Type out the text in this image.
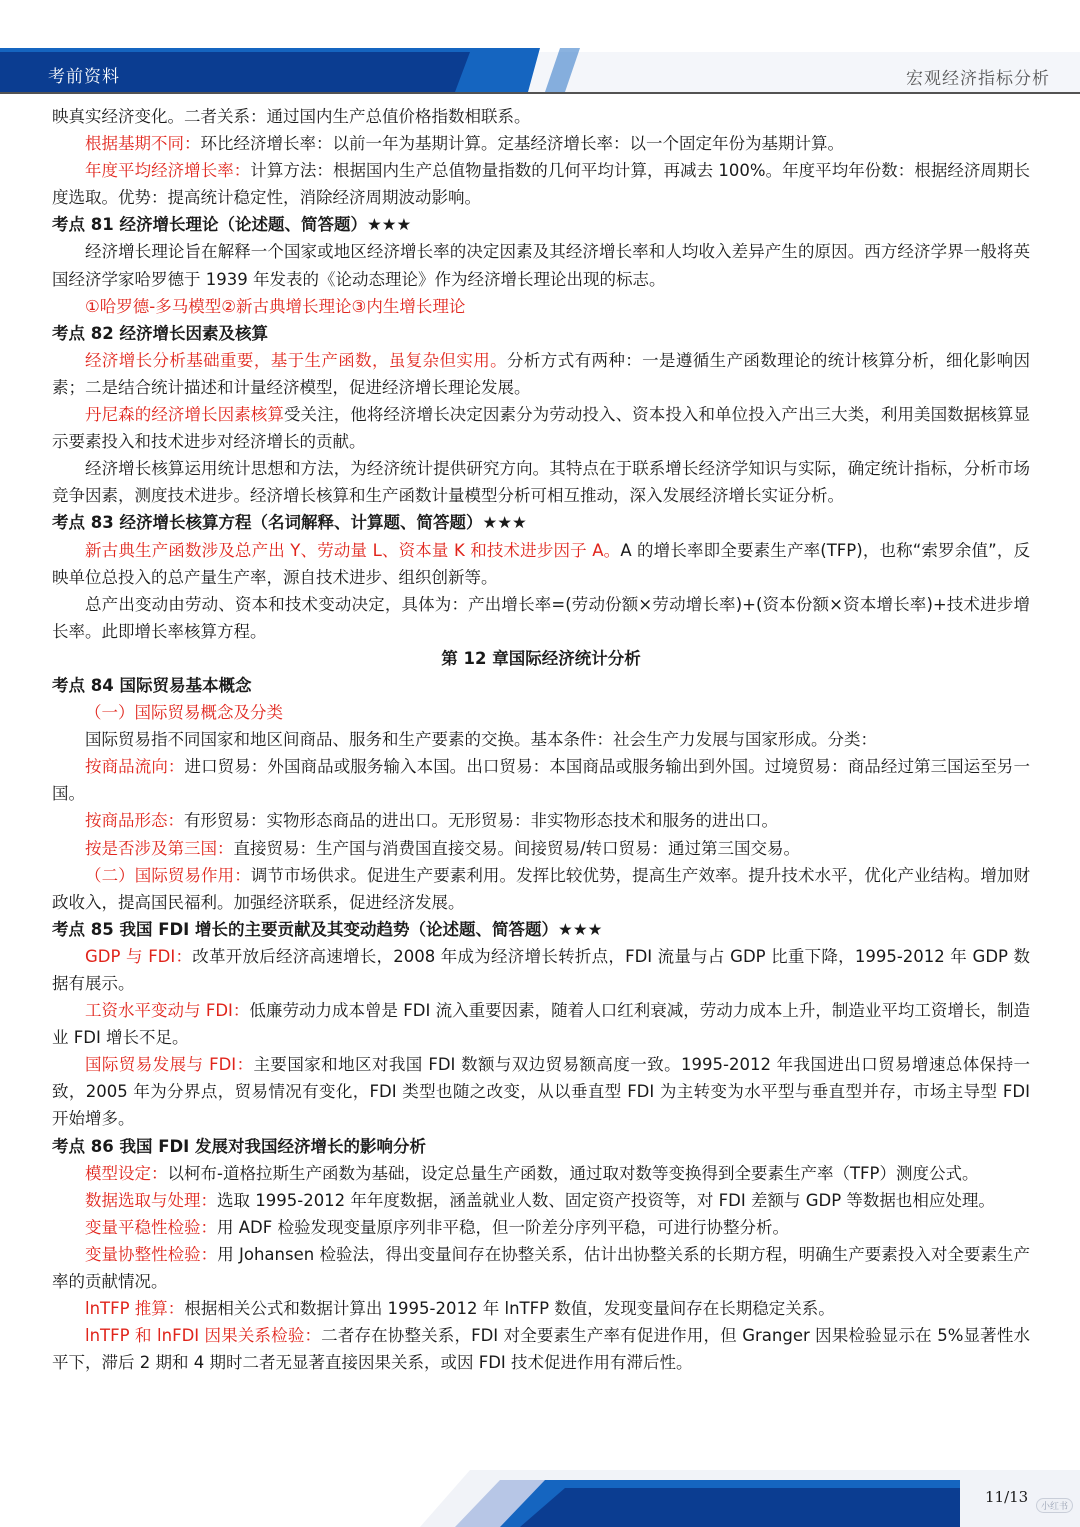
考前资料	宏观经济指标分析

映真实经济变化。二者关系：通过国内生产总值价格指数相联系。

根据基期不同：环比经济增长率：以前一年为基期计算。定基经济增长率：以一个固定年份为基期计算。

年度平均经济增长率：计算方法：根据国内生产总值物量指数的几何平均计算，再减去 100%。年度平均年份数：根据经济周期长度选取。优势：提高统计稳定性，消除经济周期波动影响。

考点 81 经济增长理论（论述题、简答题）★★★

经济增长理论旨在解释一个国家或地区经济增长率的决定因素及其经济增长率和人均收入差异产生的原因。西方经济学界一般将英国经济学家哈罗德于 1939 年发表的《论动态理论》作为经济增长理论出现的标志。

①哈罗德-多马模型②新古典增长理论③内生增长理论

考点 82 经济增长因素及核算

经济增长分析基础重要，基于生产函数，虽复杂但实用。分析方式有两种：一是遵循生产函数理论的统计核算分析，细化影响因素；二是结合统计描述和计量经济模型，促进经济增长理论发展。

丹尼森的经济增长因素核算受关注，他将经济增长决定因素分为劳动投入、资本投入和单位投入产出三大类，利用美国数据核算显示要素投入和技术进步对经济增长的贡献。

经济增长核算运用统计思想和方法，为经济统计提供研究方向。其特点在于联系增长经济学知识与实际，确定统计指标，分析市场竞争因素，测度技术进步。经济增长核算和生产函数计量模型分析可相互推动，深入发展经济增长实证分析。

考点 83 经济增长核算方程（名词解释、计算题、简答题）★★★

新古典生产函数涉及总产出 Y、劳动量 L、资本量 K 和技术进步因子 A。A 的增长率即全要素生产率(TFP)，也称“索罗余值”，反映单位总投入的总产量生产率，源自技术进步、组织创新等。

总产出变动由劳动、资本和技术变动决定，具体为：产出增长率=(劳动份额×劳动增长率)+(资本份额×资本增长率)+技术进步增长率。此即增长率核算方程。

第 12 章国际经济统计分析

考点 84 国际贸易基本概念

（一）国际贸易概念及分类

国际贸易指不同国家和地区间商品、服务和生产要素的交换。基本条件：社会生产力发展与国家形成。分类：

按商品流向：进口贸易：外国商品或服务输入本国。出口贸易：本国商品或服务输出到外国。过境贸易：商品经过第三国运至另一国。

按商品形态：有形贸易：实物形态商品的进出口。无形贸易：非实物形态技术和服务的进出口。

按是否涉及第三国：直接贸易：生产国与消费国直接交易。间接贸易/转口贸易：通过第三国交易。

（二）国际贸易作用：调节市场供求。促进生产要素利用。发挥比较优势，提高生产效率。提升技术水平，优化产业结构。增加财政收入，提高国民福利。加强经济联系，促进经济发展。

考点 85 我国 FDI 增长的主要贡献及其变动趋势（论述题、简答题）★★★

GDP 与 FDI：改革开放后经济高速增长，2008 年成为经济增长转折点，FDI 流量与占 GDP 比重下降，1995-2012 年 GDP 数据有展示。

工资水平变动与 FDI：低廉劳动力成本曾是 FDI 流入重要因素，随着人口红利衰减，劳动力成本上升，制造业平均工资增长，制造业 FDI 增长不足。

国际贸易发展与 FDI：主要国家和地区对我国 FDI 数额与双边贸易额高度一致。1995-2012 年我国进出口贸易增速总体保持一致，2005 年为分界点，贸易情况有变化，FDI 类型也随之改变，从以垂直型 FDI 为主转变为水平型与垂直型并存，市场主导型 FDI 开始增多。

考点 86 我国 FDI 发展对我国经济增长的影响分析

模型设定：以柯布-道格拉斯生产函数为基础，设定总量生产函数，通过取对数等变换得到全要素生产率（TFP）测度公式。

数据选取与处理：选取 1995-2012 年年度数据，涵盖就业人数、固定资产投资等，对 FDI 差额与 GDP 等数据也相应处理。

变量平稳性检验：用 ADF 检验发现变量原序列非平稳，但一阶差分序列平稳，可进行协整分析。

变量协整性检验：用 Johansen 检验法，得出变量间存在协整关系，估计出协整关系的长期方程，明确生产要素投入对全要素生产率的贡献情况。

lnTFP 推算：根据相关公式和数据计算出 1995-2012 年 lnTFP 数值，发现变量间存在长期稳定关系。

lnTFP 和 lnFDI 因果关系检验：二者存在协整关系，FDI 对全要素生产率有促进作用，但 Granger 因果检验显示在 5%显著性水平下，滞后 2 期和 4 期时二者无显著直接因果关系，或因 FDI 技术促进作用有滞后性。

11/13
小红书
